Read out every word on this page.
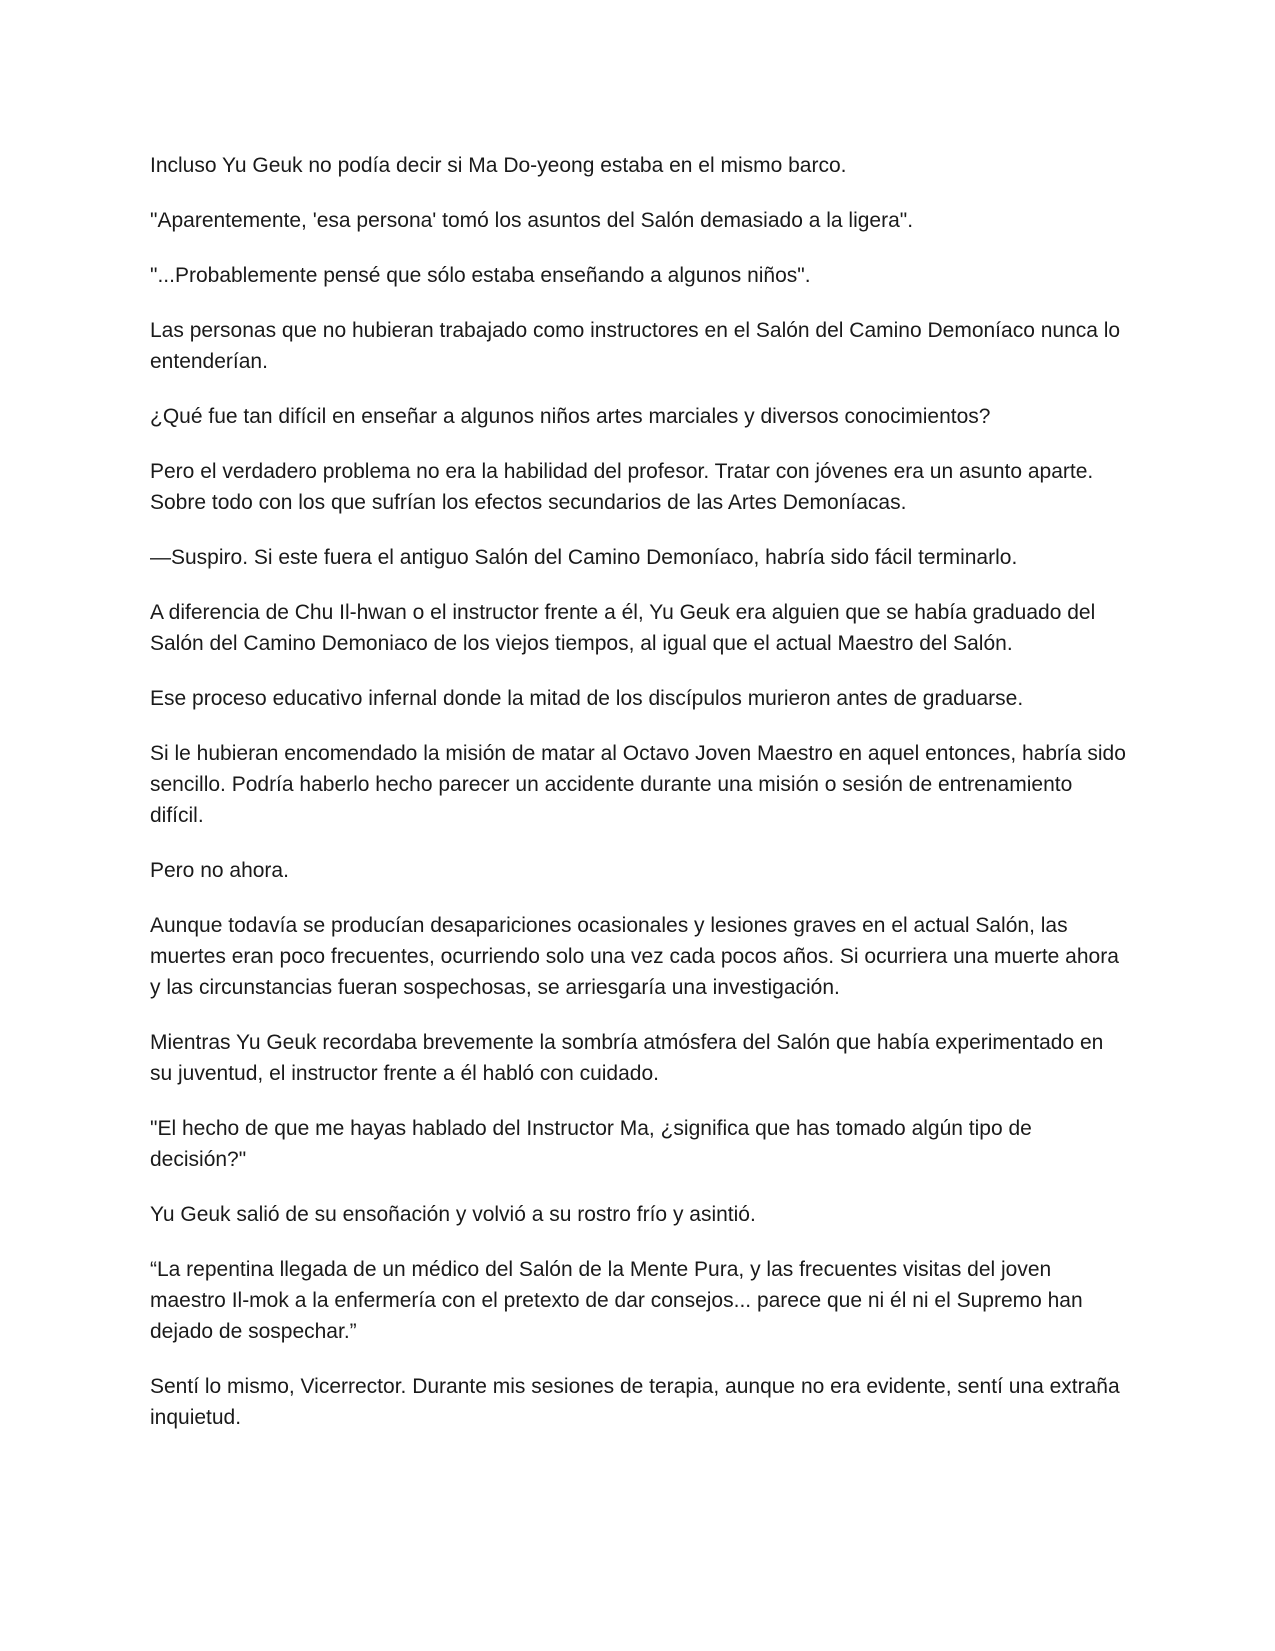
Incluso Yu Geuk no podía decir si Ma Do-yeong estaba en el mismo barco.

"Aparentemente, 'esa persona' tomó los asuntos del Salón demasiado a la ligera".

"...Probablemente pensé que sólo estaba enseñando a algunos niños".

Las personas que no hubieran trabajado como instructores en el Salón del Camino Demoníaco nunca lo entenderían.

¿Qué fue tan difícil en enseñar a algunos niños artes marciales y diversos conocimientos?

Pero el verdadero problema no era la habilidad del profesor. Tratar con jóvenes era un asunto aparte. Sobre todo con los que sufrían los efectos secundarios de las Artes Demoníacas.

—Suspiro. Si este fuera el antiguo Salón del Camino Demoníaco, habría sido fácil terminarlo.

A diferencia de Chu Il-hwan o el instructor frente a él, Yu Geuk era alguien que se había graduado del Salón del Camino Demoniaco de los viejos tiempos, al igual que el actual Maestro del Salón.

Ese proceso educativo infernal donde la mitad de los discípulos murieron antes de graduarse.

Si le hubieran encomendado la misión de matar al Octavo Joven Maestro en aquel entonces, habría sido sencillo. Podría haberlo hecho parecer un accidente durante una misión o sesión de entrenamiento difícil.

Pero no ahora.

Aunque todavía se producían desapariciones ocasionales y lesiones graves en el actual Salón, las muertes eran poco frecuentes, ocurriendo solo una vez cada pocos años. Si ocurriera una muerte ahora y las circunstancias fueran sospechosas, se arriesgaría una investigación.

Mientras Yu Geuk recordaba brevemente la sombría atmósfera del Salón que había experimentado en su juventud, el instructor frente a él habló con cuidado.

"El hecho de que me hayas hablado del Instructor Ma, ¿significa que has tomado algún tipo de decisión?"

Yu Geuk salió de su ensoñación y volvió a su rostro frío y asintió.

“La repentina llegada de un médico del Salón de la Mente Pura, y las frecuentes visitas del joven maestro Il-mok a la enfermería con el pretexto de dar consejos... parece que ni él ni el Supremo han dejado de sospechar.”

Sentí lo mismo, Vicerrector. Durante mis sesiones de terapia, aunque no era evidente, sentí una extraña inquietud.
